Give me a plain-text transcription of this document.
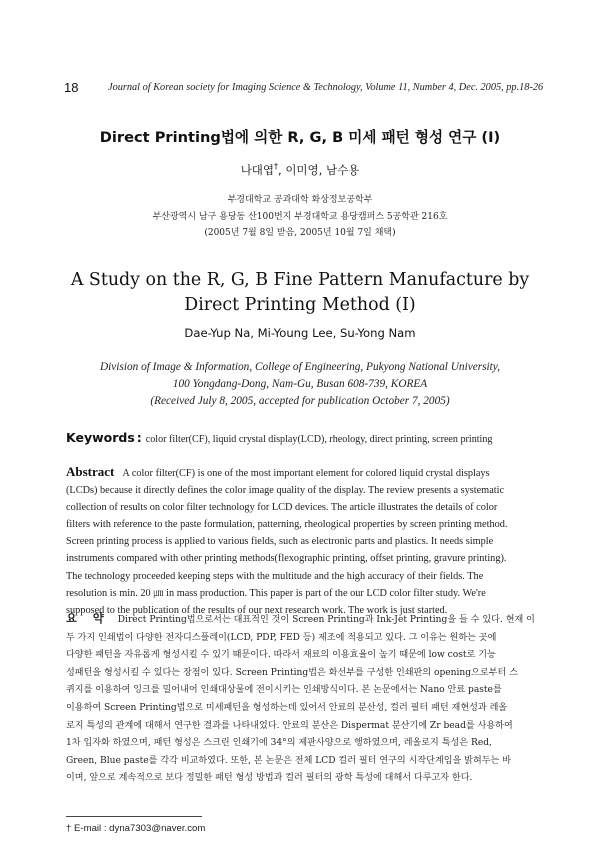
18	Journal of Korean society for Imaging Science & Technology, Volume 11, Number 4, Dec. 2005, pp.18-26
Direct Printing법에 의한 R, G, B 미세 패턴 형성 연구 (Ⅰ)
나대엽†, 이미영, 남수용
부경대학교 공과대학 화상정보공학부
부산광역시 남구 용당동 산100번지 부경대학교 용당캠퍼스 5공학관 216호
(2005년 7월 8일 받음, 2005년 10월 7일 채택)
A Study on the R, G, B Fine Pattern Manufacture by Direct Printing Method (Ⅰ)
Dae-Yup Na, Mi-Young Lee, Su-Yong Nam
Division of Image & Information, College of Engineering, Pukyong National University,
100 Yongdang-Dong, Nam-Gu, Busan 608-739, KOREA
(Received July 8, 2005, accepted for publication October 7, 2005)
Keywords : color filter(CF), liquid crystal display(LCD), rheology, direct printing, screen printing
Abstract A color filter(CF) is one of the most important element for colored liquid crystal displays
(LCDs) because it directly defines the color image quality of the display. The review presents a systematic
collection of results on color filter technology for LCD devices. The article illustrates the details of color
filters with reference to the paste formulation, patterning, rheological properties by screen printing method.
Screen printing process is applied to various fields, such as electronic parts and plastics. It needs simple
instruments compared with other printing methods(flexographic printing, offset printing, gravure printing).
The technology proceeded keeping steps with the multitude and the high accuracy of their fields. The
resolution is min. 20 ㎛ in mass production. This paper is part of the our LCD color filter study. We're
supposed to the publication of the results of our next research work. The work is just started.
요 약 Direct Printing법으로서는 대표적인 것이 Screen Printing과 Ink-Jet Printing을 들 수 있다. 현재 이
두 가지 인쇄법이 다양한 전자디스플레이(LCD, PDP, FED 등) 제조에 적용되고 있다. 그 이유는 원하는 곳에
다양한 패턴을 자유롭게 형성시킬 수 있기 때문이다. 따라서 재료의 이용효율이 높기 때문에 low cost로 기능
성패턴을 형성시킬 수 있다는 장점이 있다. Screen Printing법은 화선부를 구성한 인쇄판의 opening으로부터 스
퀴지를 이용하여 잉크를 밀어내어 인쇄대상물에 전이시키는 인쇄방식이다. 본 논문에서는 Nano 안료 paste를
이용하여 Screen Printing법으로 미세패턴을 형성하는데 있어서 안료의 분산성, 컬러 필터 패턴 재현성과 레올
로지 특성의 관계에 대해서 연구한 결과를 나타내었다. 안료의 분산은 Dispermat 분산기에 Zr bead를 사용하여
1차 입자화 하였으며, 패턴 형성은 스크린 인쇄기에 34°의 제판사양으로 행하였으며, 레올로지 특성은 Red,
Green, Blue paste를 각각 비교하였다. 또한, 본 논문은 전체 LCD 컬러 필터 연구의 시작단계임을 밝혀두는 바
이며, 앞으로 계속적으로 보다 정밀한 패턴 형성 방법과 컬러 필터의 광학 특성에 대해서 다루고자 한다.
† E-mail : dyna7303@naver.com
